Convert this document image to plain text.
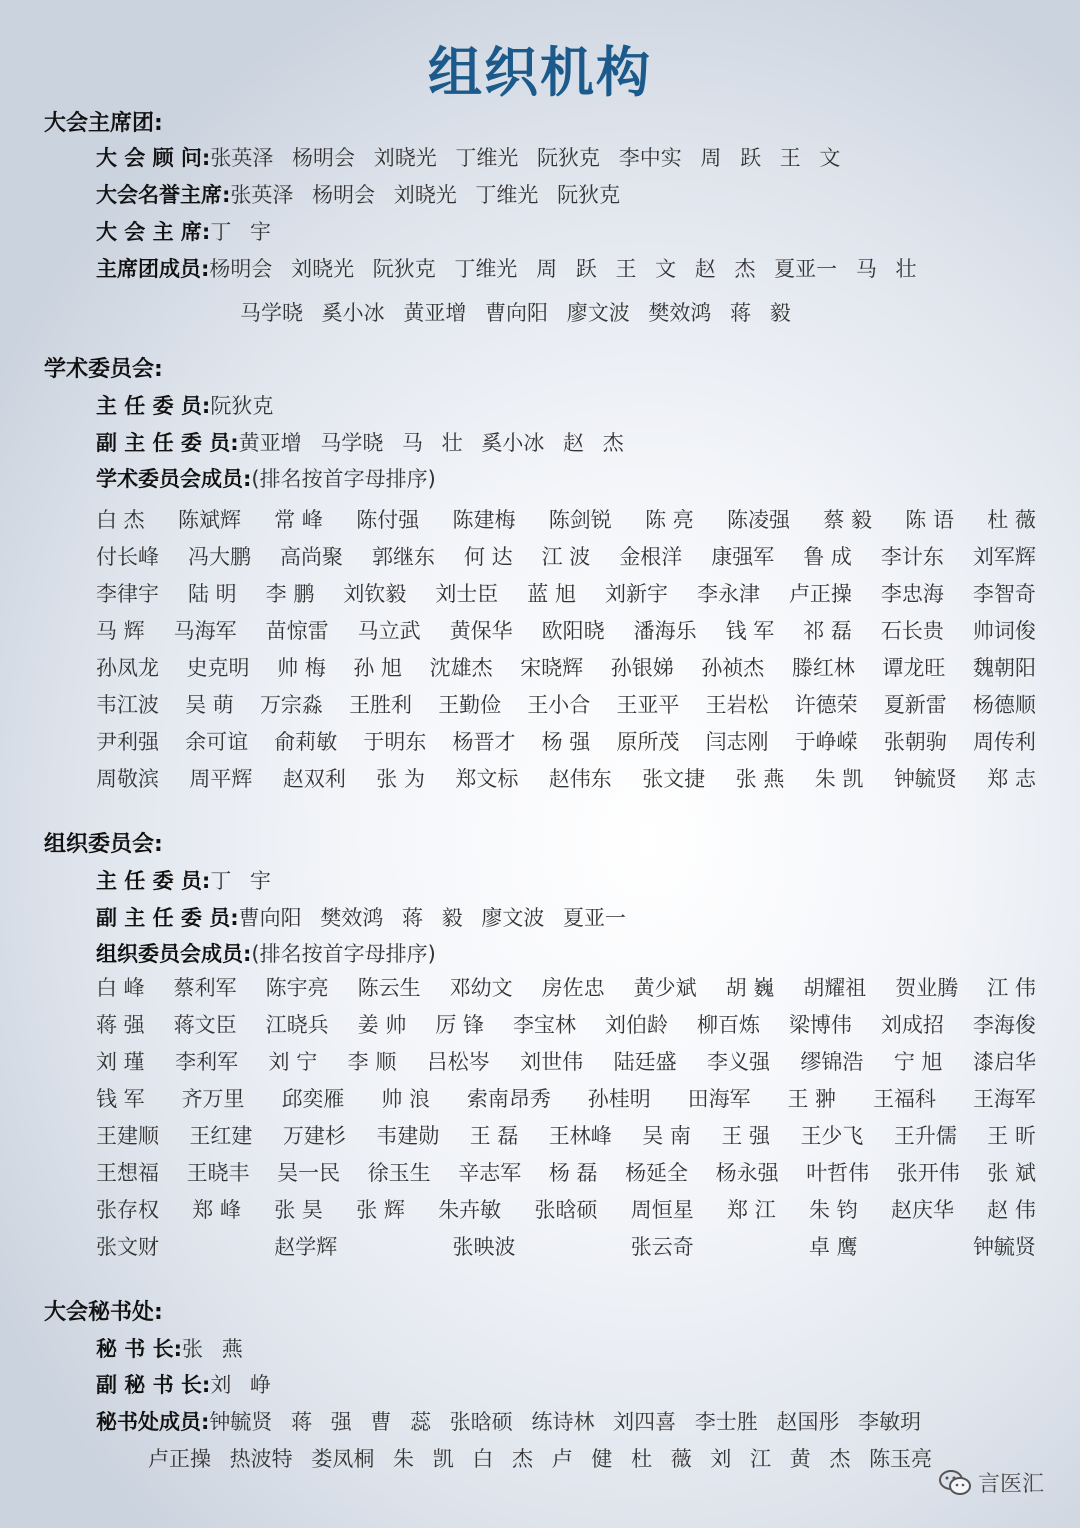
组织机构
大会主席团:
大 会 顾 问:张英泽 杨明会 刘晓光 丁维光 阮狄克 李中实 周 跃 王 文
大会名誉主席:张英泽 杨明会 刘晓光 丁维光 阮狄克
大 会 主 席:丁 宇
主席团成员:杨明会 刘晓光 阮狄克 丁维光 周 跃 王 文 赵 杰 夏亚一 马 壮
马学晓 奚小冰 黄亚增 曹向阳 廖文波 樊效鸿 蒋 毅
学术委员会:
主 任 委 员:阮狄克
副 主 任 委 员:黄亚增 马学晓 马 壮 奚小冰 赵 杰
学术委员会成员:(排名按首字母排序)
白 杰 陈斌辉 常 峰 陈付强 陈建梅 陈剑锐 陈 亮 陈凌强 蔡 毅 陈 语 杜 薇
付长峰 冯大鹏 高尚聚 郭继东 何 达 江 波 金根洋 康强军 鲁 成 李计东 刘军辉
李律宇 陆 明 李 鹏 刘钦毅 刘士臣 蓝 旭 刘新宇 李永津 卢正操 李忠海 李智奇
马 辉 马海军 苗惊雷 马立武 黄保华 欧阳晓 潘海乐 钱 军 祁 磊 石长贵 帅词俊
孙凤龙 史克明 帅 梅 孙 旭 沈雄杰 宋晓辉 孙银娣 孙祯杰 滕红林 谭龙旺 魏朝阳
韦江波 吴 萌 万宗淼 王胜利 王勤俭 王小合 王亚平 王岩松 许德荣 夏新雷 杨德顺
尹利强 余可谊 俞莉敏 于明东 杨晋才 杨 强 原所茂 闫志刚 于峥嵘 张朝驹 周传利
周敬滨 周平辉 赵双利 张 为 郑文标 赵伟东 张文捷 张 燕 朱 凯 钟毓贤 郑 志
组织委员会:
主 任 委 员:丁 宇
副 主 任 委 员:曹向阳 樊效鸿 蒋 毅 廖文波 夏亚一
组织委员会成员:(排名按首字母排序)
白 峰 蔡利军 陈宇亮 陈云生 邓幼文 房佐忠 黄少斌 胡 巍 胡耀祖 贺业腾 江 伟
蒋 强 蒋文臣 江晓兵 姜 帅 厉 锋 李宝林 刘伯龄 柳百炼 梁博伟 刘成招 李海俊
刘 瑾 李利军 刘 宁 李 顺 吕松岑 刘世伟 陆廷盛 李义强 缪锦浩 宁 旭 漆启华
钱 军 齐万里 邱奕雁 帅 浪 索南昂秀 孙桂明 田海军 王 翀 王福科 王海军
王建顺 王红建 万建杉 韦建勋 王 磊 王林峰 吴 南 王 强 王少飞 王升儒 王 昕
王想福 王晓丰 吴一民 徐玉生 辛志军 杨 磊 杨延全 杨永强 叶哲伟 张开伟 张 斌
张存权 郑 峰 张 昊 张 辉 朱卉敏 张晗硕 周恒星 郑 江 朱 钧 赵庆华 赵 伟
张文财	赵学辉	张映波	张云奇	卓 鹰	钟毓贤
大会秘书处:
秘 书 长:张 燕
副 秘 书 长:刘 峥
秘书处成员:钟毓贤 蒋 强 曹 蕊 张晗硕 练诗林 刘四喜 李士胜 赵国彤 李敏玥
卢正操 热波特 娄凤桐 朱 凯 白 杰 卢 健 杜 薇 刘 江 黄 杰 陈玉亮
言医汇
